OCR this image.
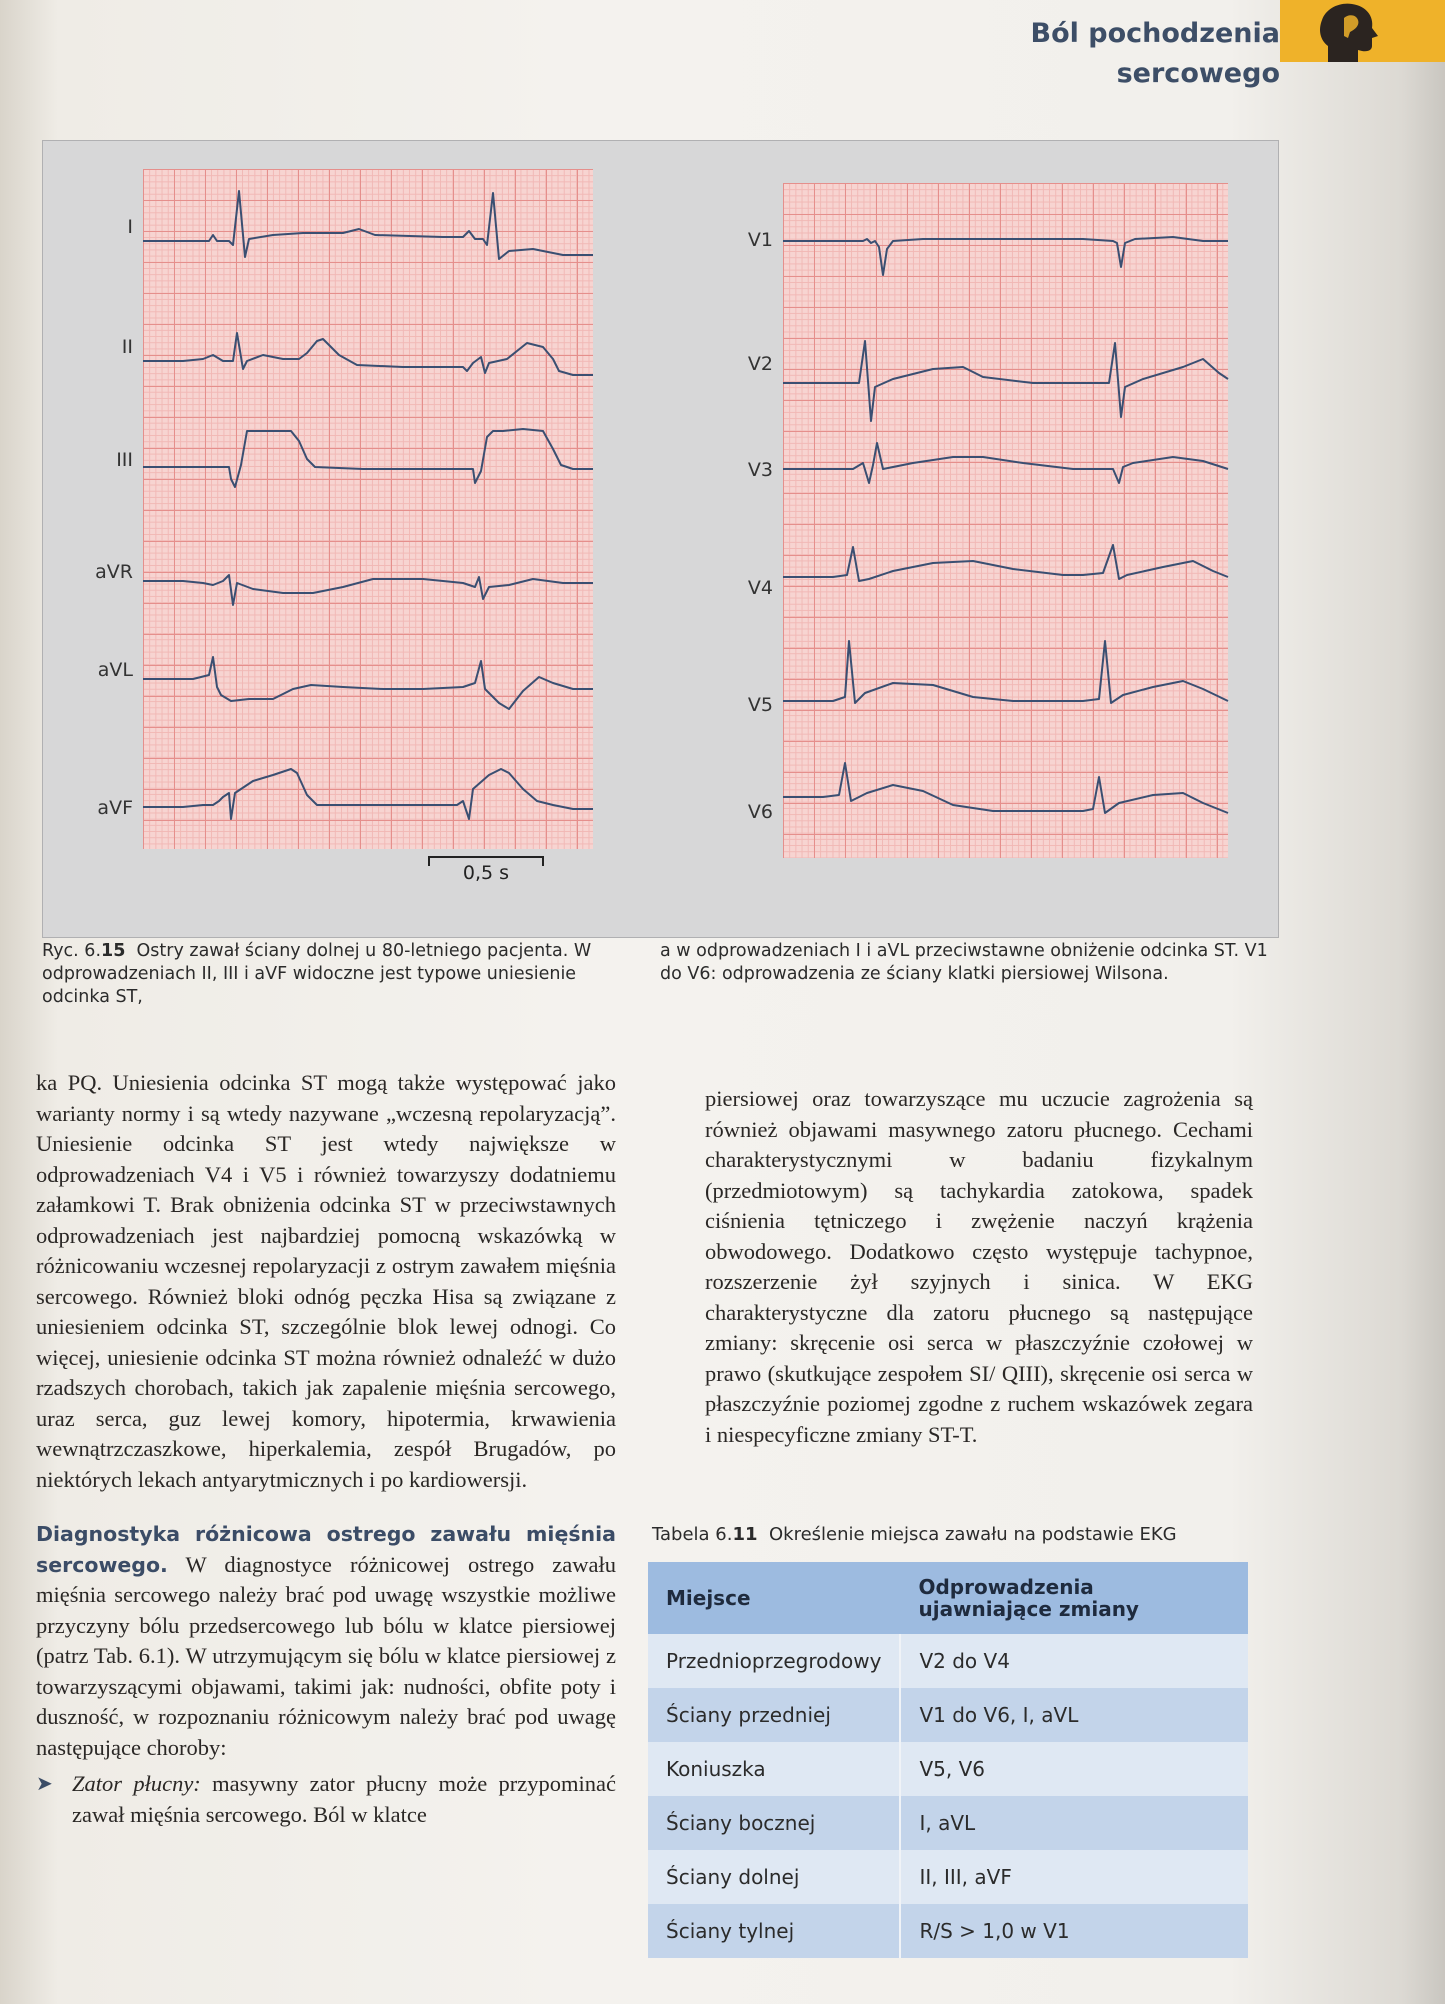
Ból pochodzenia sercowego
I
II
III
aVR
aVL
aVF
V1
V2
V3
V4
V5
V6
0,5 s
Ryc. 6.15 Ostry zawał ściany dolnej u 80-letniego pacjenta. W odprowadzeniach II, III i aVF widoczne jest typowe uniesienie odcinka ST,
a w odprowadzeniach I i aVL przeciwstawne obniżenie odcinka ST. V1 do V6: odprowadzenia ze ściany klatki piersiowej Wilsona.

ka PQ. Uniesienia odcinka ST mogą także występować jako warianty normy i są wtedy nazywane „wczesną repolaryzacją”. Uniesienie odcinka ST jest wtedy największe w odprowadzeniach V4 i V5 i również towarzyszy dodatniemu załamkowi T. Brak obniżenia odcinka ST w przeciwstawnych odprowadzeniach jest najbardziej pomocną wskazówką w różnicowaniu wczesnej repolaryzacji z ostrym zawałem mięśnia sercowego. Również bloki odnóg pęczka Hisa są związane z uniesieniem odcinka ST, szczególnie blok lewej odnogi. Co więcej, uniesienie odcinka ST można również odnaleźć w dużo rzadszych chorobach, takich jak zapalenie mięśnia sercowego, uraz serca, guz lewej komory, hipotermia, krwawienia wewnątrzczaszkowe, hiperkalemia, zespół Brugadów, po niektórych lekach antyarytmicznych i po kardiowersji.

Diagnostyka różnicowa ostrego zawału mięśnia sercowego. W diagnostyce różnicowej ostrego zawału mięśnia sercowego należy brać pod uwagę wszystkie możliwe przyczyny bólu przedsercowego lub bólu w klatce piersiowej (patrz Tab. 6.1). W utrzymującym się bólu w klatce piersiowej z towarzyszącymi objawami, takimi jak: nudności, obfite poty i duszność, w rozpoznaniu różnicowym należy brać pod uwagę następujące choroby:

➤ Zator płucny: masywny zator płucny może przypominać zawał mięśnia sercowego. Ból w klatce

piersiowej oraz towarzyszące mu uczucie zagrożenia są również objawami masywnego zatoru płucnego. Cechami charakterystycznymi w badaniu fizykalnym (przedmiotowym) są tachykardia zatokowa, spadek ciśnienia tętniczego i zwężenie naczyń krążenia obwodowego. Dodatkowo często występuje tachypnoe, rozszerzenie żył szyjnych i sinica. W EKG charakterystyczne dla zatoru płucnego są następujące zmiany: skręcenie osi serca w płaszczyźnie czołowej w prawo (skutkujące zespołem SI/ QIII), skręcenie osi serca w płaszczyźnie poziomej zgodne z ruchem wskazówek zegara i niespecyficzne zmiany ST-T.

Tabela 6.11 Określenie miejsca zawału na podstawie EKG
Miejsce	Odprowadzenia ujawniające zmiany
Przednioprzegrodowy	V2 do V4
Ściany przedniej	V1 do V6, I, aVL
Koniuszka	V5, V6
Ściany bocznej	I, aVL
Ściany dolnej	II, III, aVF
Ściany tylnej	R/S > 1,0 w V1
